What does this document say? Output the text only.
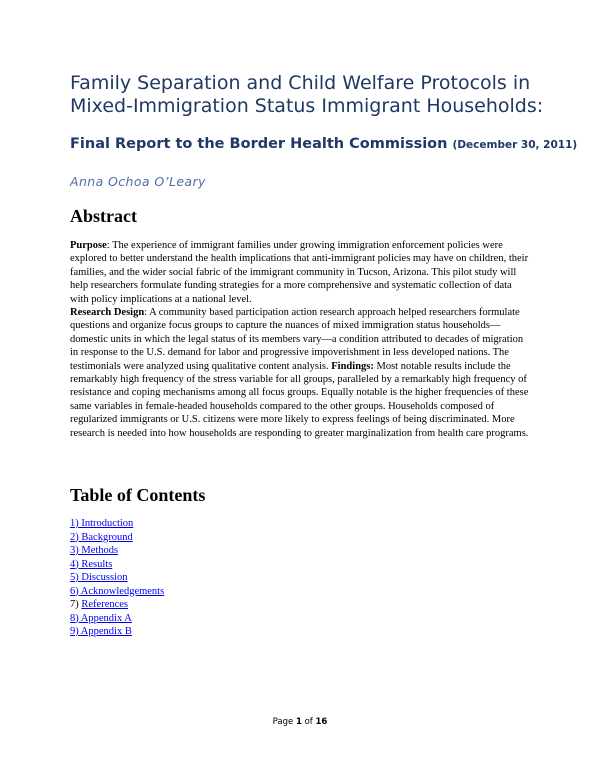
Family Separation and Child Welfare Protocols in
Mixed-Immigration Status Immigrant Households:
Final Report to the Border Health Commission (December 30, 2011)
Anna Ochoa O’Leary
Abstract

Purpose: The experience of immigrant families under growing immigration enforcement policies were explored to better understand the health implications that anti-immigrant policies may have on children, their families, and the wider social fabric of the immigrant community in Tucson, Arizona. This pilot study will help researchers formulate funding strategies for a more comprehensive and systematic collection of data with policy implications at a national level.
Research Design: A community based participation action research approach helped researchers formulate questions and organize focus groups to capture the nuances of mixed immigration status households—domestic units in which the legal status of its members vary—a condition attributed to decades of migration in response to the U.S. demand for labor and progressive impoverishment in less developed nations. The testimonials were analyzed using qualitative content analysis. Findings: Most notable results include the remarkably high frequency of the stress variable for all groups, paralleled by a remarkably high frequency of resistance and coping mechanisms among all focus groups. Equally notable is the higher frequencies of these same variables in female-headed households compared to the other groups. Households composed of regularized immigrants or U.S. citizens were more likely to express feelings of being discriminated. More research is needed into how households are responding to greater marginalization from health care programs.

Table of Contents
1) Introduction
2) Background
3) Methods
4) Results
5) Discussion
6) Acknowledgements
7) References
8) Appendix A
9) Appendix B
Page 1 of 16
